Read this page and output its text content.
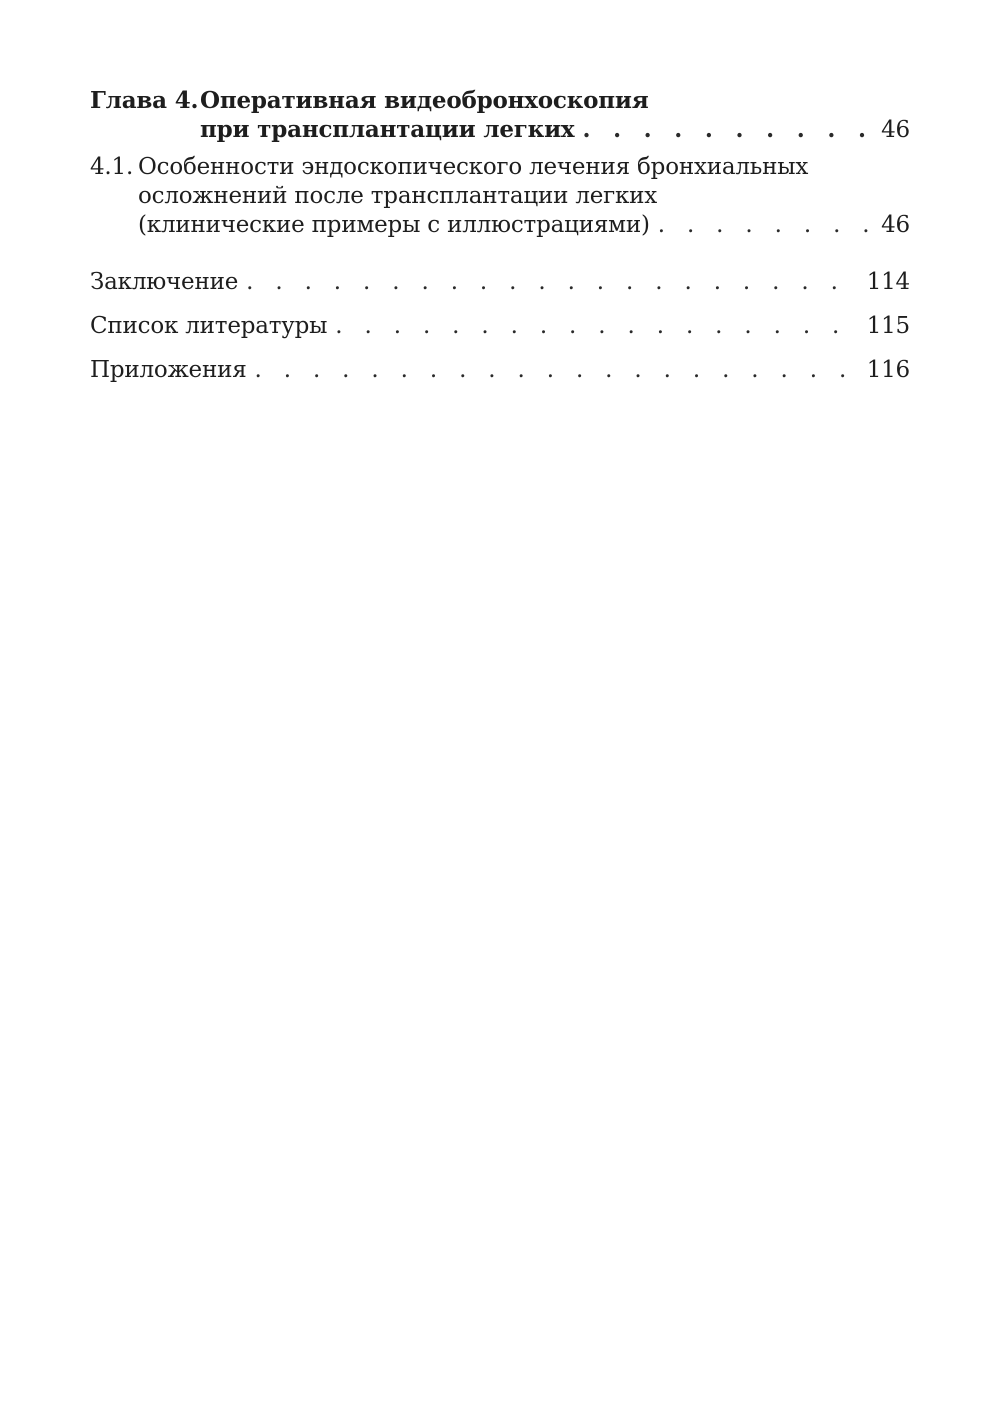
Глава 4. Оперативная видеобронхоскопия
при трансплантации легких . . .	46
4.1. Особенности эндоскопического лечения бронхиальных
осложнений после трансплантации легких
(клинические примеры с иллюстрациями) . . .	46
Заключение . . .	114
Список литературы . . .	115
Приложения . . .	116
